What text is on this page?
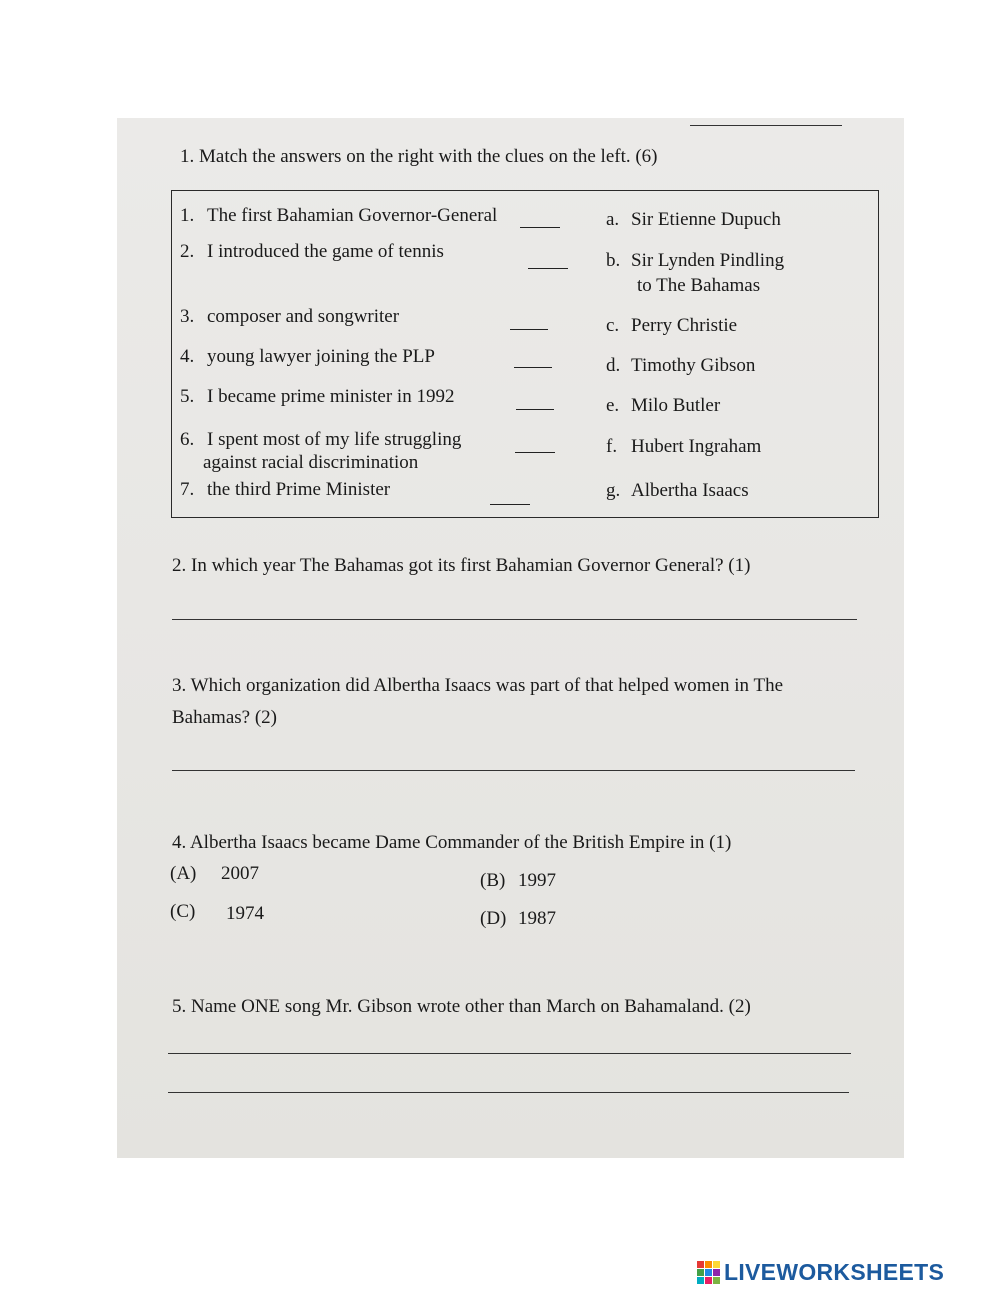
1. Match the answers on the right with the clues on the left. (6)
1. The first Bahamian Governor-General
2. I introduced the game of tennis
3. composer and songwriter
4. young lawyer joining the PLP
5. I became prime minister in 1992
6. I spent most of my life struggling
against racial discrimination
7. the third Prime Minister
a. Sir Etienne Dupuch
b. Sir Lynden Pindling
to The Bahamas
c. Perry Christie
d. Timothy Gibson
e. Milo Butler
f. Hubert Ingraham
g. Albertha Isaacs
2. In which year The Bahamas got its first Bahamian Governor General? (1)
3. Which organization did Albertha Isaacs was part of that helped women in The
Bahamas? (2)
4. Albertha Isaacs became Dame Commander of the British Empire in (1)
(A) 2007	(B) 1997
(C) 1974	(D) 1987
5. Name ONE song Mr. Gibson wrote other than March on Bahamaland. (2)
LIVEWORKSHEETS
